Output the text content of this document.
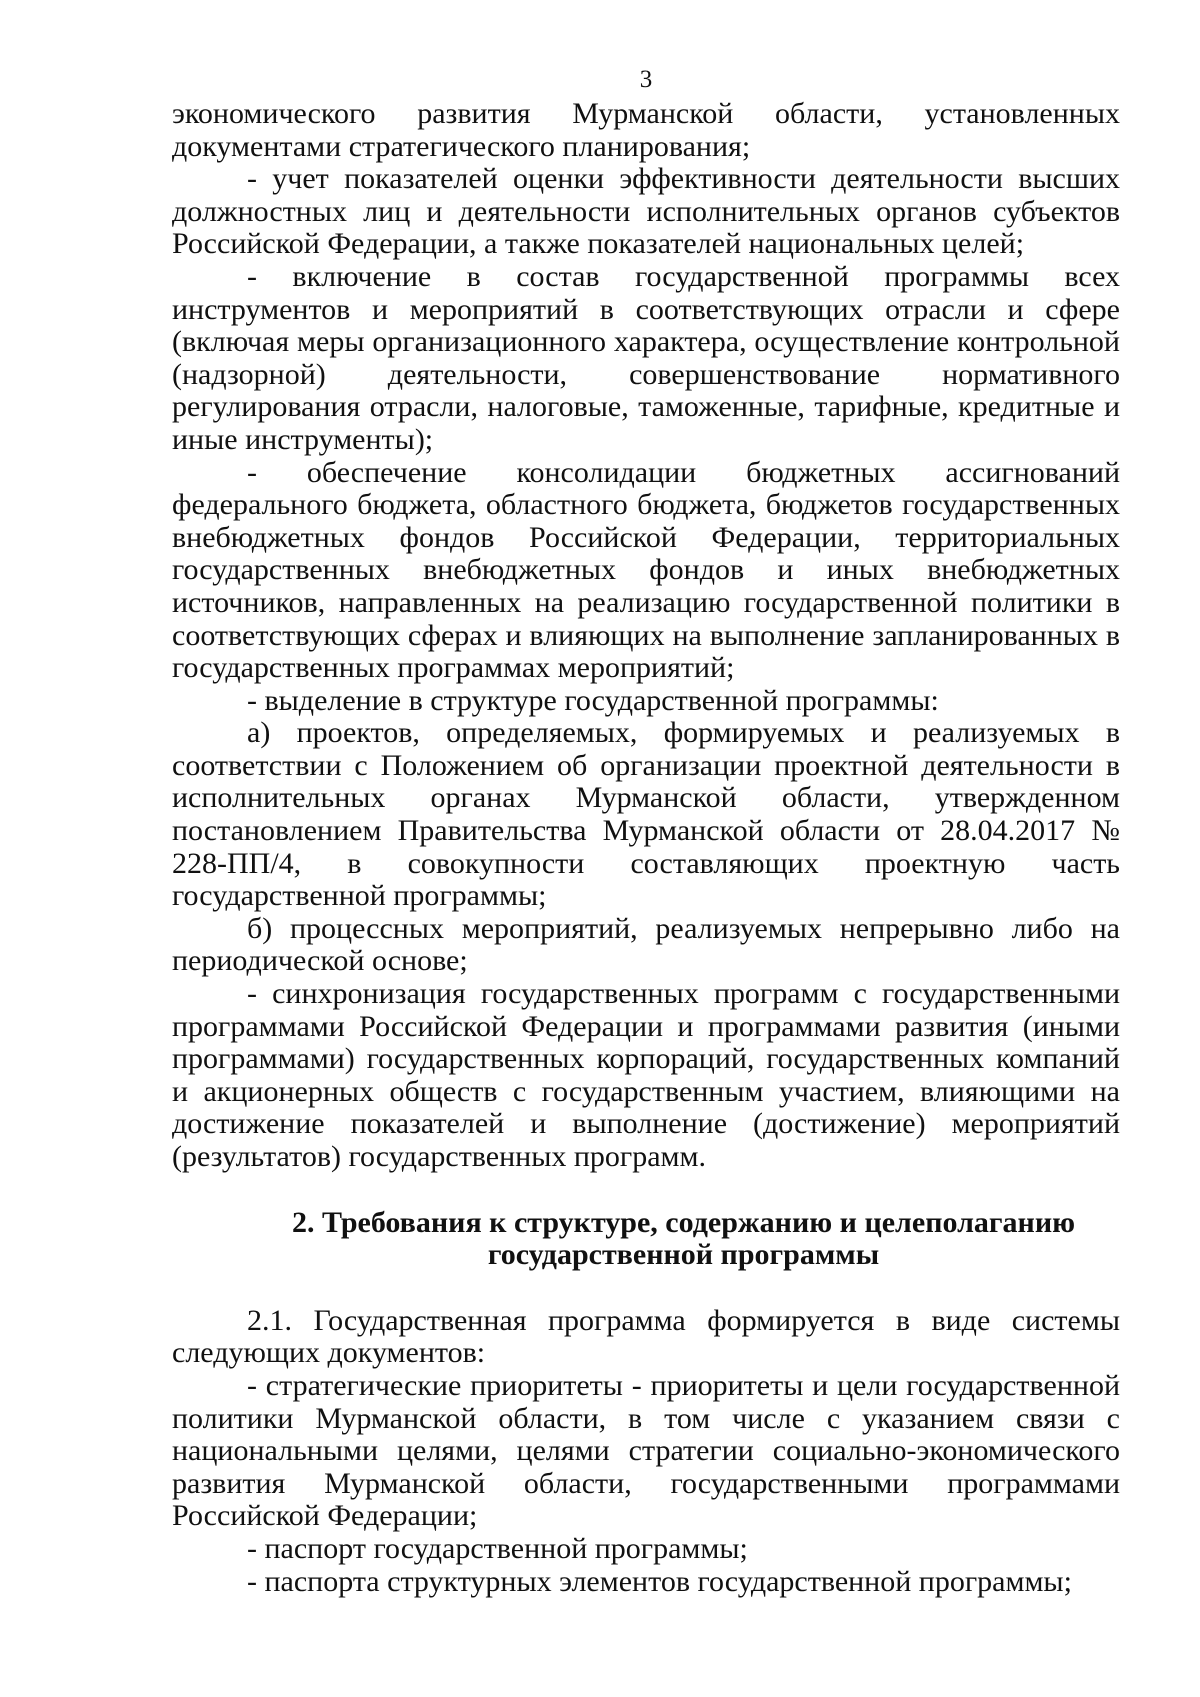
3

экономического развития Мурманской области, установленных документами стратегического планирования;

- учет показателей оценки эффективности деятельности высших должностных лиц и деятельности исполнительных органов субъектов Российской Федерации, а также показателей национальных целей;

- включение в состав государственной программы всех инструментов и мероприятий в соответствующих отрасли и сфере (включая меры организационного характера, осуществление контрольной (надзорной) деятельности, совершенствование нормативного регулирования отрасли, налоговые, таможенные, тарифные, кредитные и иные инструменты);

- обеспечение консолидации бюджетных ассигнований федерального бюджета, областного бюджета, бюджетов государственных внебюджетных фондов Российской Федерации, территориальных государственных внебюджетных фондов и иных внебюджетных источников, направленных на реализацию государственной политики в соответствующих сферах и влияющих на выполнение запланированных в государственных программах мероприятий;

- выделение в структуре государственной программы:

а) проектов, определяемых, формируемых и реализуемых в соответствии с Положением об организации проектной деятельности в исполнительных органах Мурманской области, утвержденном постановлением Правительства Мурманской области от 28.04.2017 № 228-ПП/4, в совокупности составляющих проектную часть государственной программы;

б) процессных мероприятий, реализуемых непрерывно либо на периодической основе;

- синхронизация государственных программ с государственными программами Российской Федерации и программами развития (иными программами) государственных корпораций, государственных компаний и акционерных обществ с государственным участием, влияющими на достижение показателей и выполнение (достижение) мероприятий (результатов) государственных программ.

2. Требования к структуре, содержанию и целеполаганию

государственной программы

2.1. Государственная программа формируется в виде системы следующих документов:

- стратегические приоритеты - приоритеты и цели государственной политики Мурманской области, в том числе с указанием связи с национальными целями, целями стратегии социально-экономического развития Мурманской области, государственными программами Российской Федерации;

- паспорт государственной программы;

- паспорта структурных элементов государственной программы;
